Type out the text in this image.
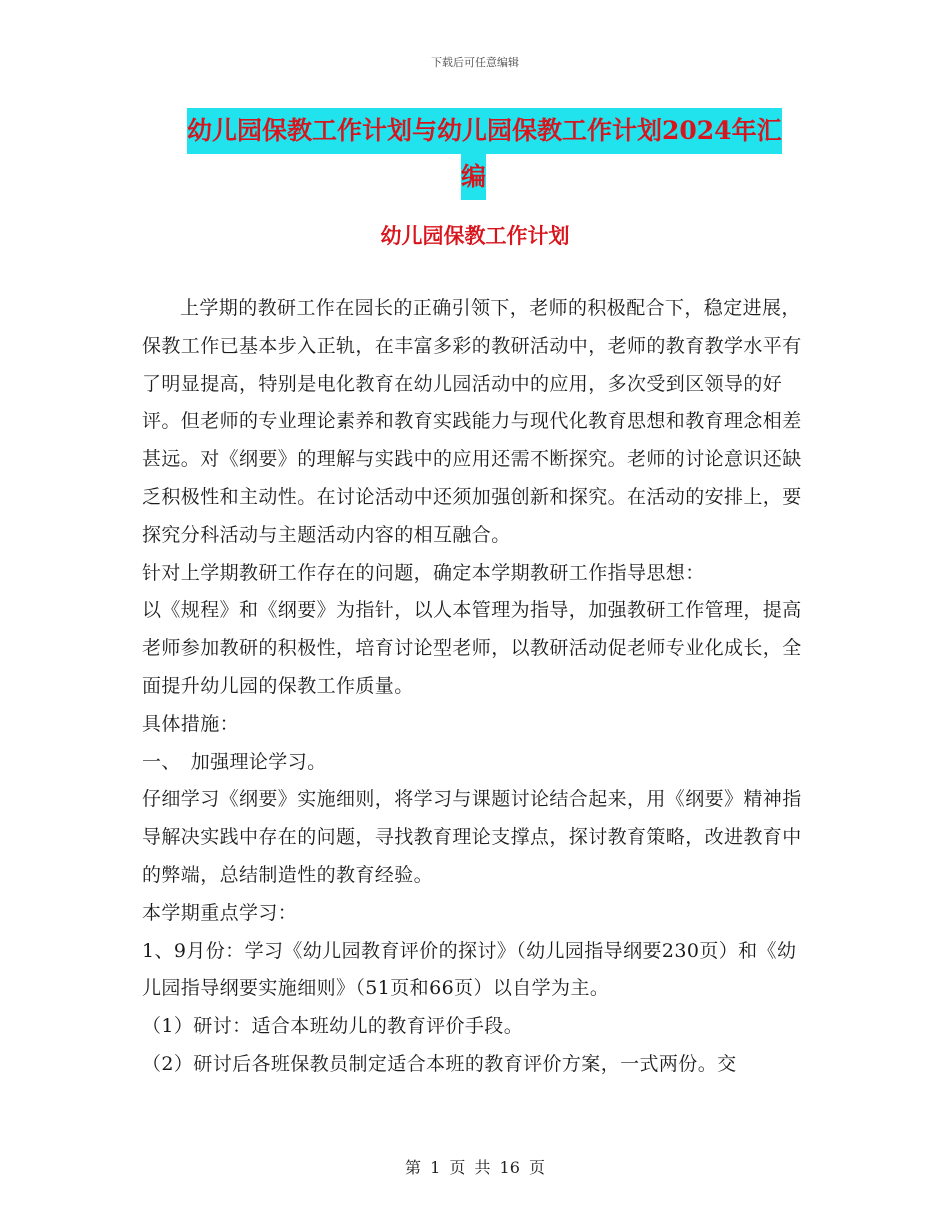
下载后可任意编辑
幼儿园保教工作计划与幼儿园保教工作计划2024年汇
编
幼儿园保教工作计划

上学期的教研工作在园长的正确引领下，老师的积极配合下，稳定进展，保教工作已基本步入正轨，在丰富多彩的教研活动中，老师的教育教学水平有了明显提高，特别是电化教育在幼儿园活动中的应用，多次受到区领导的好评。但老师的专业理论素养和教育实践能力与现代化教育思想和教育理念相差甚远。对《纲要》的理解与实践中的应用还需不断探究。老师的讨论意识还缺乏积极性和主动性。在讨论活动中还须加强创新和探究。在活动的安排上，要探究分科活动与主题活动内容的相互融合。

针对上学期教研工作存在的问题，确定本学期教研工作指导思想：

以《规程》和《纲要》为指针，以人本管理为指导，加强教研工作管理，提高老师参加教研的积极性，培育讨论型老师，以教研活动促老师专业化成长，全面提升幼儿园的保教工作质量。

具体措施：

一、　加强理论学习。

仔细学习《纲要》实施细则，将学习与课题讨论结合起来，用《纲要》精神指导解决实践中存在的问题，寻找教育理论支撑点，探讨教育策略，改进教育中的弊端，总结制造性的教育经验。

本学期重点学习：

1、9月份：学习《幼儿园教育评价的探讨》（幼儿园指导纲要230页）和《幼儿园指导纲要实施细则》（51页和66页）以自学为主。

（1）研讨：适合本班幼儿的教育评价手段。

（2）研讨后各班保教员制定适合本班的教育评价方案，一式两份。交

第 1 页 共 16 页
